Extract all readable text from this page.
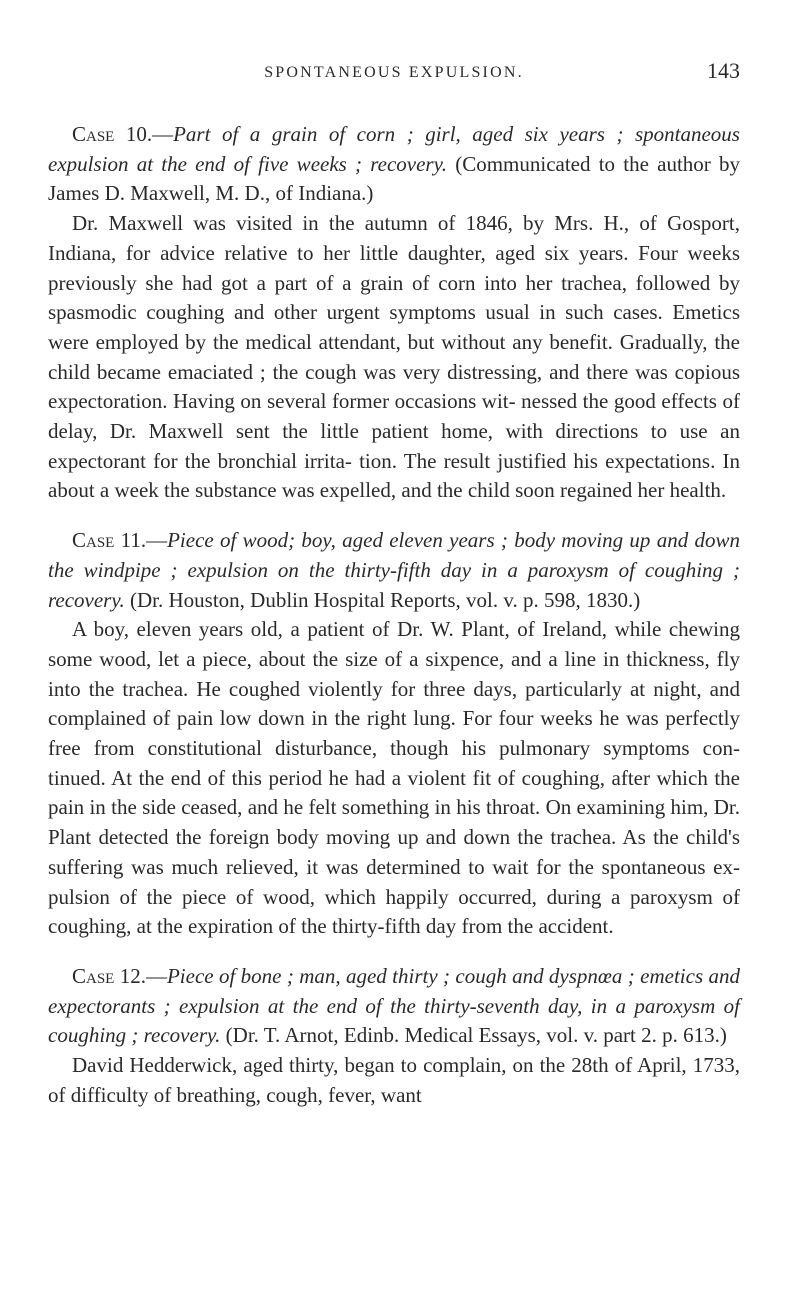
SPONTANEOUS EXPULSION.	143

Case 10.—Part of a grain of corn ; girl, aged six years ; spontaneous expulsion at the end of five weeks ; recovery. (Communicated to the author by James D. Maxwell, M. D., of Indiana.)

Dr. Maxwell was visited in the autumn of 1846, by Mrs. H., of Gosport, Indiana, for advice relative to her little daughter, aged six years. Four weeks previously she had got a part of a grain of corn into her trachea, followed by spasmodic coughing and other urgent symptoms usual in such cases. Emetics were employed by the medical attendant, but without any benefit. Gradually, the child became emaciated ; the cough was very distressing, and there was copious expectoration. Having on several former occasions wit- nessed the good effects of delay, Dr. Maxwell sent the little patient home, with directions to use an expectorant for the bronchial irrita- tion. The result justified his expectations. In about a week the substance was expelled, and the child soon regained her health.

Case 11.—Piece of wood; boy, aged eleven years ; body moving up and down the windpipe ; expulsion on the thirty-fifth day in a paroxysm of coughing ; recovery. (Dr. Houston, Dublin Hospital Reports, vol. v. p. 598, 1830.)

A boy, eleven years old, a patient of Dr. W. Plant, of Ireland, while chewing some wood, let a piece, about the size of a sixpence, and a line in thickness, fly into the trachea. He coughed violently for three days, particularly at night, and complained of pain low down in the right lung. For four weeks he was perfectly free from constitutional disturbance, though his pulmonary symptoms con- tinued. At the end of this period he had a violent fit of coughing, after which the pain in the side ceased, and he felt something in his throat. On examining him, Dr. Plant detected the foreign body moving up and down the trachea. As the child's suffering was much relieved, it was determined to wait for the spontaneous ex- pulsion of the piece of wood, which happily occurred, during a paroxysm of coughing, at the expiration of the thirty-fifth day from the accident.

Case 12.—Piece of bone ; man, aged thirty ; cough and dyspnœa ; emetics and expectorants ; expulsion at the end of the thirty-seventh day, in a paroxysm of coughing ; recovery. (Dr. T. Arnot, Edinb. Medical Essays, vol. v. part 2. p. 613.)

David Hedderwick, aged thirty, began to complain, on the 28th of April, 1733, of difficulty of breathing, cough, fever, want
